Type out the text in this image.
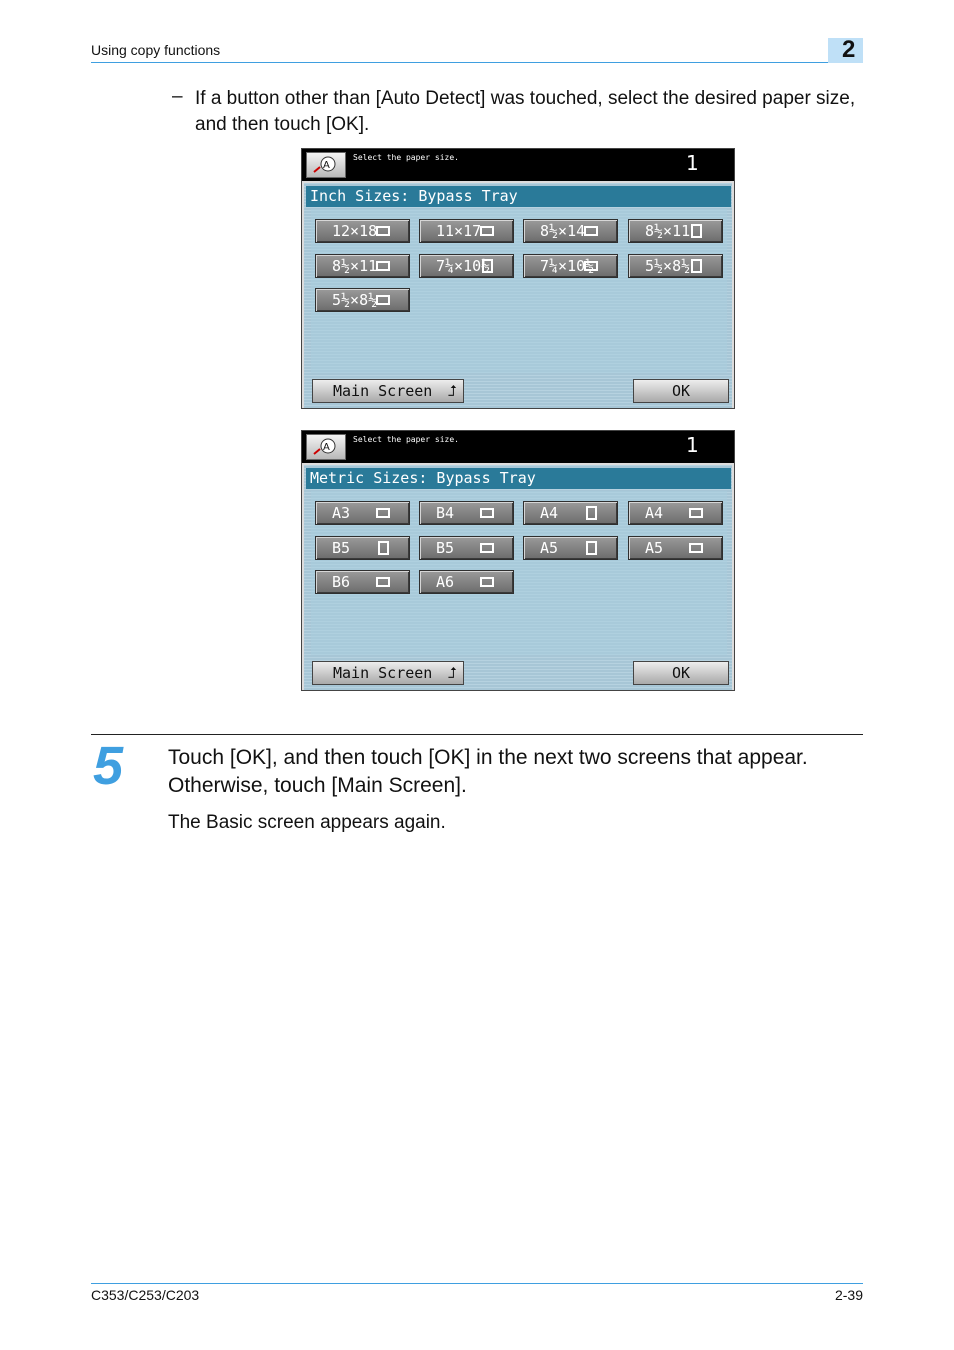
Using copy functions	2
– If a button other than [Auto Detect] was touched, select the desired paper size, and then touch [OK].
A
Select the paper size.	1
Inch Sizes: Bypass Tray
12×18	11×17	8½×14	8½×11
8½×11	7¼×10½	7¼×10½	5½×8½
5½×8½
Main Screen ⮥	OK
A
Select the paper size.	1
Metric Sizes: Bypass Tray
A3	B4	A4	A4
B5	B5	A5	A5
B6	A6
Main Screen ⮥	OK
5 Touch [OK], and then touch [OK] in the next two screens that appear. Otherwise, touch [Main Screen].
The Basic screen appears again.
C353/C253/C203	2-39
